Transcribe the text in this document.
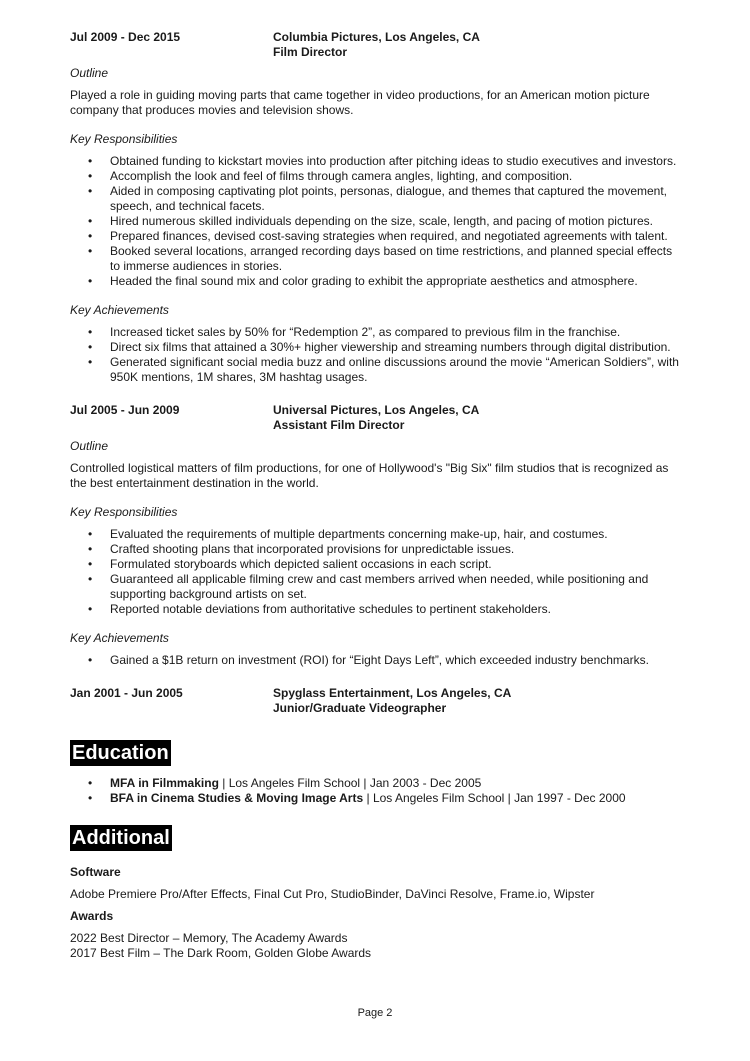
Jul 2009 - Dec 2015	Columbia Pictures, Los Angeles, CA
Film Director
Outline
Played a role in guiding moving parts that came together in video productions, for an American motion picture company that produces movies and television shows.
Key Responsibilities
• Obtained funding to kickstart movies into production after pitching ideas to studio executives and investors.
• Accomplish the look and feel of films through camera angles, lighting, and composition.
• Aided in composing captivating plot points, personas, dialogue, and themes that captured the movement, speech, and technical facets.
• Hired numerous skilled individuals depending on the size, scale, length, and pacing of motion pictures.
• Prepared finances, devised cost-saving strategies when required, and negotiated agreements with talent.
• Booked several locations, arranged recording days based on time restrictions, and planned special effects to immerse audiences in stories.
• Headed the final sound mix and color grading to exhibit the appropriate aesthetics and atmosphere.
Key Achievements
• Increased ticket sales by 50% for “Redemption 2”, as compared to previous film in the franchise.
• Direct six films that attained a 30%+ higher viewership and streaming numbers through digital distribution.
• Generated significant social media buzz and online discussions around the movie “American Soldiers”, with 950K mentions, 1M shares, 3M hashtag usages.
Jul 2005 - Jun 2009	Universal Pictures, Los Angeles, CA
Assistant Film Director
Outline
Controlled logistical matters of film productions, for one of Hollywood's "Big Six" film studios that is recognized as the best entertainment destination in the world.
Key Responsibilities
• Evaluated the requirements of multiple departments concerning make-up, hair, and costumes.
• Crafted shooting plans that incorporated provisions for unpredictable issues.
• Formulated storyboards which depicted salient occasions in each script.
• Guaranteed all applicable filming crew and cast members arrived when needed, while positioning and supporting background artists on set.
• Reported notable deviations from authoritative schedules to pertinent stakeholders.
Key Achievements
• Gained a $1B return on investment (ROI) for “Eight Days Left”, which exceeded industry benchmarks.
Jan 2001 - Jun 2005	Spyglass Entertainment, Los Angeles, CA
Junior/Graduate Videographer
Education
• MFA in Filmmaking | Los Angeles Film School | Jan 2003 - Dec 2005
• BFA in Cinema Studies & Moving Image Arts | Los Angeles Film School | Jan 1997 - Dec 2000
Additional
Software
Adobe Premiere Pro/After Effects, Final Cut Pro, StudioBinder, DaVinci Resolve, Frame.io, Wipster
Awards
2022 Best Director – Memory, The Academy Awards
2017 Best Film – The Dark Room, Golden Globe Awards
Page 2
